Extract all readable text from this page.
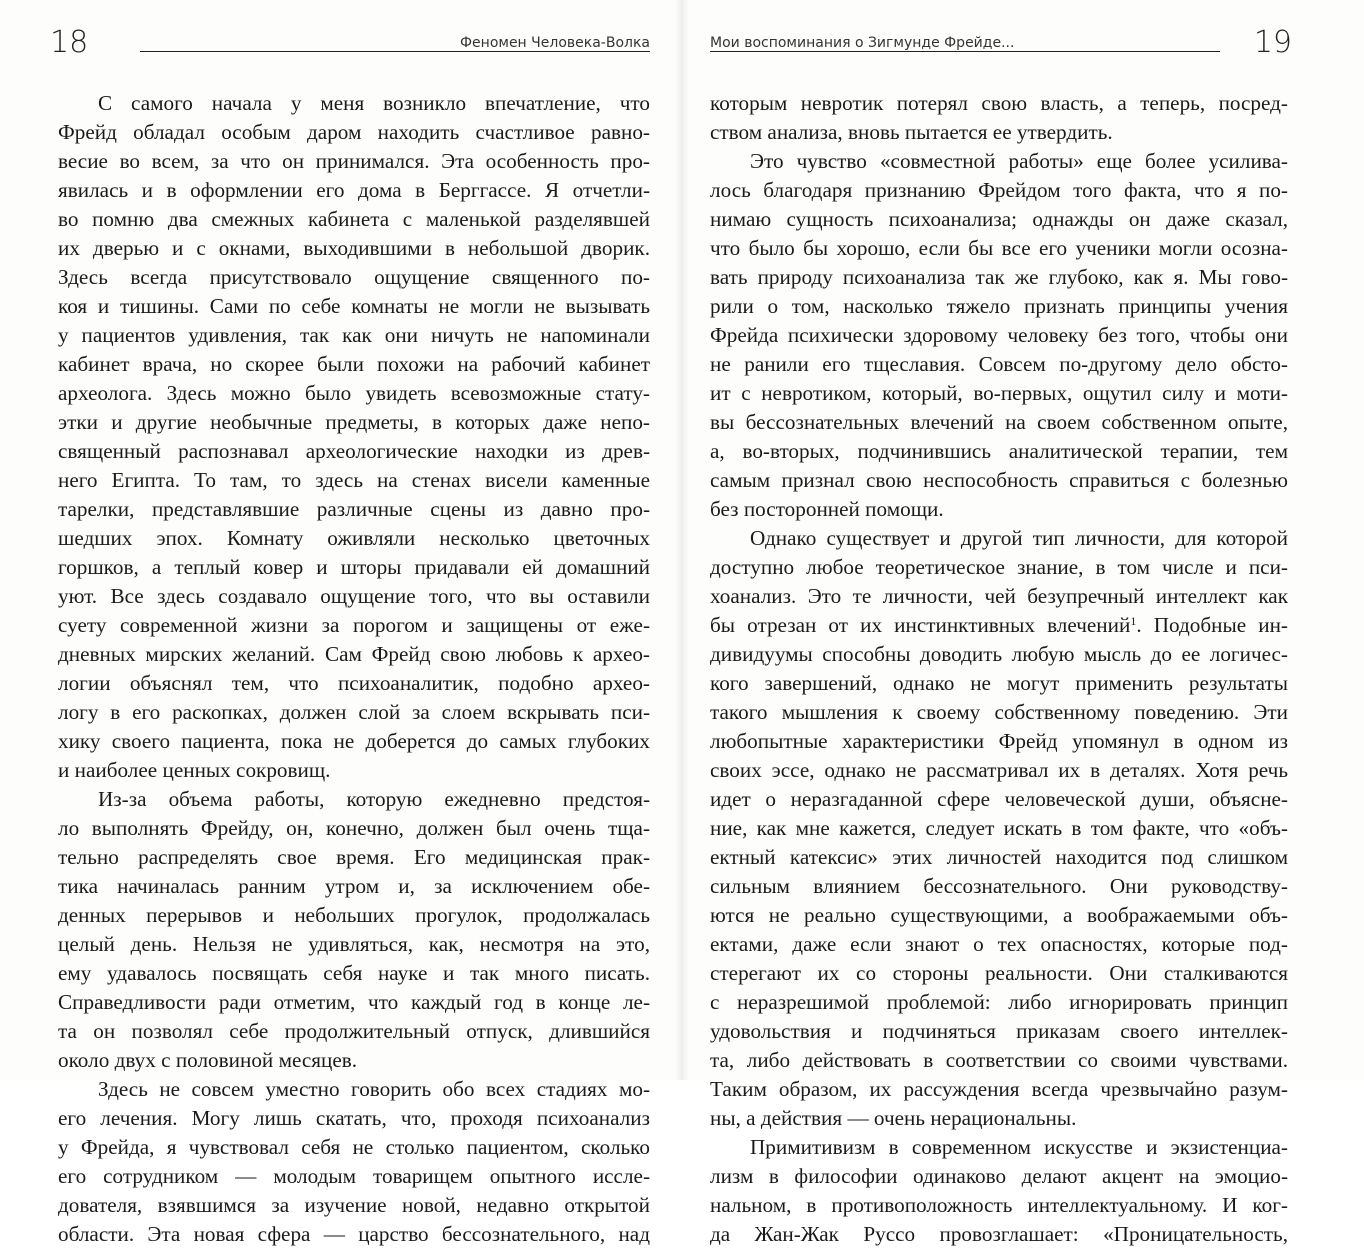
18	Феномен Человека-Волка
С самого начала у меня возникло впечатление, что
Фрейд обладал особым даром находить счастливое равно-
весие во всем, за что он принимался. Эта особенность про-
явилась и в оформлении его дома в Берггассе. Я отчетли-
во помню два смежных кабинета с маленькой разделявшей
их дверью и с окнами, выходившими в небольшой дворик.
Здесь всегда присутствовало ощущение священного по-
коя и тишины. Сами по себе комнаты не могли не вызывать
у пациентов удивления, так как они ничуть не напоминали
кабинет врача, но скорее были похожи на рабочий кабинет
археолога. Здесь можно было увидеть всевозможные стату-
этки и другие необычные предметы, в которых даже непо-
священный распознавал археологические находки из древ-
него Египта. То там, то здесь на стенах висели каменные
тарелки, представлявшие различные сцены из давно про-
шедших эпох. Комнату оживляли несколько цветочных
горшков, а теплый ковер и шторы придавали ей домашний
уют. Все здесь создавало ощущение того, что вы оставили
суету современной жизни за порогом и защищены от еже-
дневных мирских желаний. Сам Фрейд свою любовь к архео-
логии объяснял тем, что психоаналитик, подобно архео-
логу в его раскопках, должен слой за слоем вскрывать пси-
хику своего пациента, пока не доберется до самых глубоких
и наиболее ценных сокровищ.
Из-за объема работы, которую ежедневно предстоя-
ло выполнять Фрейду, он, конечно, должен был очень тща-
тельно распределять свое время. Его медицинская прак-
тика начиналась ранним утром и, за исключением обе-
денных перерывов и небольших прогулок, продолжалась
целый день. Нельзя не удивляться, как, несмотря на это,
ему удавалось посвящать себя науке и так много писать.
Справедливости ради отметим, что каждый год в конце ле-
та он позволял себе продолжительный отпуск, длившийся
около двух с половиной месяцев.
Здесь не совсем уместно говорить обо всех стадиях мо-
его лечения. Могу лишь скатать, что, проходя психоанализ
у Фрейда, я чувствовал себя не столько пациентом, сколько
его сотрудником — молодым товарищем опытного иссле-
дователя, взявшимся за изучение новой, недавно открытой
области. Эта новая сфера — царство бессознательного, над
Мои воспоминания о Зигмунде Фрейде...	19
которым невротик потерял свою власть, а теперь, посред-
ством анализа, вновь пытается ее утвердить.
Это чувство «совместной работы» еще более усилива-
лось благодаря признанию Фрейдом того факта, что я по-
нимаю сущность психоанализа; однажды он даже сказал,
что было бы хорошо, если бы все его ученики могли осозна-
вать природу психоанализа так же глубоко, как я. Мы гово-
рили о том, насколько тяжело признать принципы учения
Фрейда психически здоровому человеку без того, чтобы они
не ранили его тщеславия. Совсем по-другому дело обсто-
ит с невротиком, который, во-первых, ощутил силу и моти-
вы бессознательных влечений на своем собственном опыте,
а, во-вторых, подчинившись аналитической терапии, тем
самым признал свою неспособность справиться с болезнью
без посторонней помощи.
Однако существует и другой тип личности, для которой
доступно любое теоретическое знание, в том числе и пси-
хоанализ. Это те личности, чей безупречный интеллект как
бы отрезан от их инстинктивных влечений$^1$. Подобные ин-
дивидуумы способны доводить любую мысль до ее логичес-
кого завершений, однако не могут применить результаты
такого мышления к своему собственному поведению. Эти
любопытные характеристики Фрейд упомянул в одном из
своих эссе, однако не рассматривал их в деталях. Хотя речь
идет о неразгаданной сфере человеческой души, объясне-
ние, как мне кажется, следует искать в том факте, что «объ-
ектный катексис» этих личностей находится под слишком
сильным влиянием бессознательного. Они руководству-
ются не реально существующими, а воображаемыми объ-
ектами, даже если знают о тех опасностях, которые под-
стерегают их со стороны реальности. Они сталкиваются
с неразрешимой проблемой: либо игнорировать принцип
удовольствия и подчиняться приказам своего интеллек-
та, либо действовать в соответствии со своими чувствами.
Таким образом, их рассуждения всегда чрезвычайно разум-
ны, а действия — очень нерациональны.
Примитивизм в современном искусстве и экзистенциа-
лизм в философии одинаково делают акцент на эмоцио-
нальном, в противоположность интеллектуальному. И ког-
да Жан-Жак Руссо провозглашает: «Проницательность,
